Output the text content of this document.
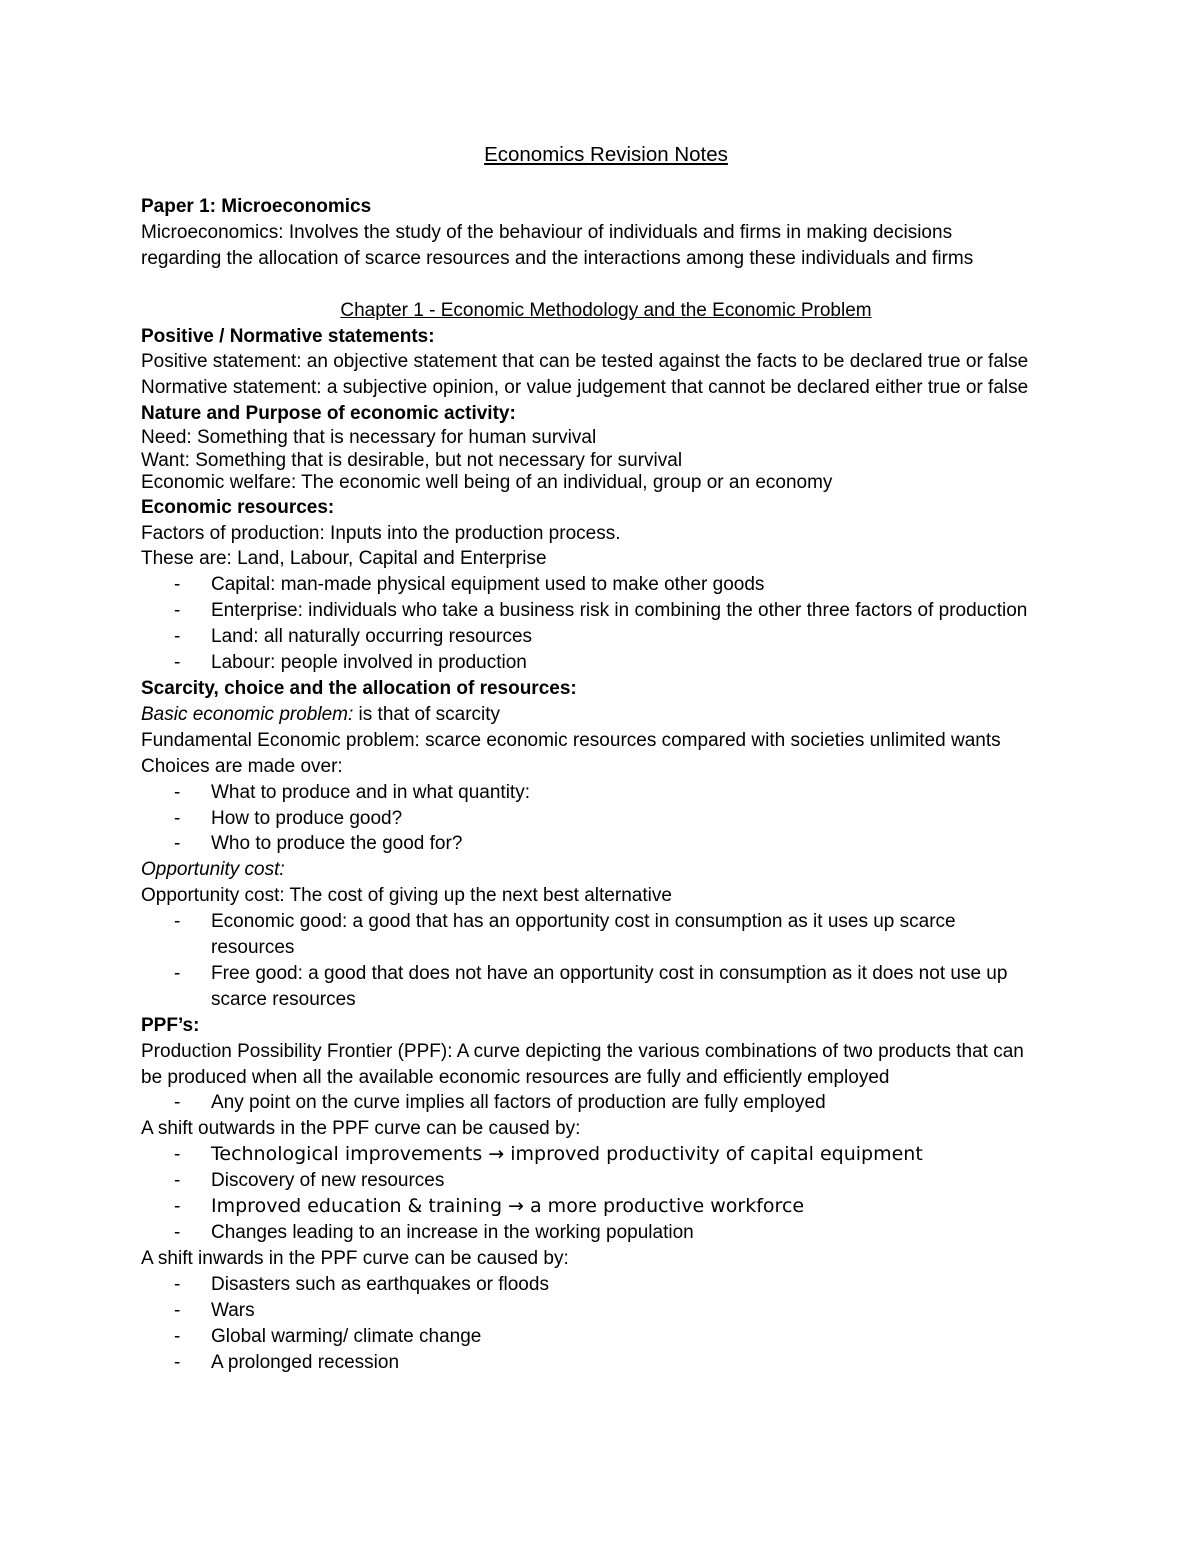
Economics Revision Notes

Paper 1: Microeconomics

Microeconomics: Involves the study of the behaviour of individuals and firms in making decisions

regarding the allocation of scarce resources and the interactions among these individuals and firms

Chapter 1 - Economic Methodology and the Economic Problem

Positive / Normative statements:

Positive statement: an objective statement that can be tested against the facts to be declared true or false

Normative statement: a subjective opinion, or value judgement that cannot be declared either true or false

Nature and Purpose of economic activity:

Need: Something that is necessary for human survival

Want: Something that is desirable, but not necessary for survival

Economic welfare: The economic well being of an individual, group or an economy

Economic resources:

Factors of production: Inputs into the production process.

These are: Land, Labour, Capital and Enterprise

- Capital: man-made physical equipment used to make other goods
- Enterprise: individuals who take a business risk in combining the other three factors of production
- Land: all naturally occurring resources
- Labour: people involved in production

Scarcity, choice and the allocation of resources:

Basic economic problem: is that of scarcity

Fundamental Economic problem: scarce economic resources compared with societies unlimited wants

Choices are made over:

- What to produce and in what quantity:
- How to produce good?
- Who to produce the good for?

Opportunity cost:

Opportunity cost: The cost of giving up the next best alternative

- Economic good: a good that has an opportunity cost in consumption as it uses up scarce
resources
- Free good: a good that does not have an opportunity cost in consumption as it does not use up
scarce resources

PPF’s:

Production Possibility Frontier (PPF): A curve depicting the various combinations of two products that can

be produced when all the available economic resources are fully and efficiently employed

- Any point on the curve implies all factors of production are fully employed

A shift outwards in the PPF curve can be caused by:

- Technological improvements → improved productivity of capital equipment
- Discovery of new resources
- Improved education & training → a more productive workforce
- Changes leading to an increase in the working population

A shift inwards in the PPF curve can be caused by:

- Disasters such as earthquakes or floods
- Wars
- Global warming/ climate change
- A prolonged recession
